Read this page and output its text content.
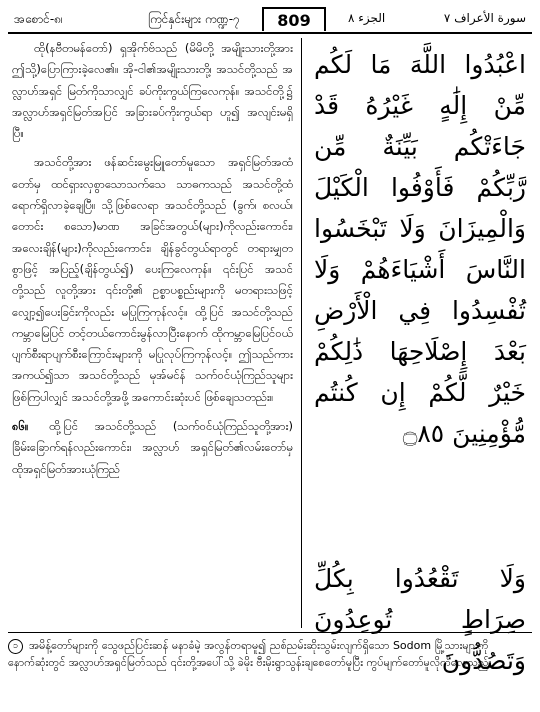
အစောင်-၈၊	ကြင်နှင်းများ ကဏ္ဍ-၇	809	الجزء ٨	سورة الأعراف ٧

ထို(နဗီတမန်တော်) ရှအိုက်ဗ်သည် (မိမိတို့ အမျိုးသားတို့အား ဤသို့)ပြောကြားခဲ့လေ၏။ အို-ငါ၏အမျိုးသားတို့၊ အသင်တို့သည် အလ္လာဟ်အရှင် မြတ်ကိုသာလျှင် ခပ်ကိုးကွယ်ကြလေကုန်။ အသင်တို့၌ အလ္လာဟ်အရှင်မြတ်အပြင် အခြားခပ်ကိုးကွယ်ရာ ဟူ၍ အလျင်းမရှိပြီ။

အသင်တို့အား ဖန်ဆင်းမွေးမြူတော်မူသော အရှင်မြတ်အထံတော်မှ ထင်ရှားလှစွာသောသက်သေ သာဓကသည် အသင်တို့ထံ ရောက်ရှိလာခဲ့ချေပြီ။ သို့ဖြစ်လေရာ အသင်တို့သည် (ခွက်၊ စလယ်၊ တောင်း စသော)မာဏ အခြင်အတွယ်(များ)ကိုလည်းကောင်း၊ အလေးချိန်(များ)ကိုလည်းကောင်း၊ ချိန်ခွင်တွယ်ရာတွင် တရားမျှတစွာဖြင့် အပြည့်(ချိန်တွယ်၍) ပေးကြလေကုန်။ ၎င်းပြင် အသင်တို့သည် လူတို့အား ၎င်းတို့၏ ဥစ္စာပစ္စည်းများကို မတရားသဖြင့် လျှော့၍ပေးခြင်းကိုလည်း မပြုကြကုန်လင့်။ ထို့ပြင် အသင်တို့သည် ကမ္ဘာမြေပြင် တင့်တယ်ကောင်းမွန်လာပြီးနောက် ထိုကမ္ဘာမြေပြင်ဝယ် ပျက်စီးရာပျက်စီးကြောင်းများကို မပြုလုပ်ကြကုန်လင့်။ ဤသည်ကား အကယ်၍သာ အသင်တို့သည် မုအ်မင်န် သက်ဝင်ယုံကြည်သူများ ဖြစ်ကြပါလျှင် အသင်တို့အဖို့ အကောင်းဆုံးပင် ဖြစ်ချေသတည်း။

၈၆။ ထို့ပြင် အသင်တို့သည် (သက်ဝင်ယုံကြည်သူတို့အား) ခြိမ်းခြောက်ရန်လည်းကောင်း၊ အလ္လာဟ် အရှင်မြတ်၏လမ်းတော်မှ ထိုအရှင်မြတ်အားယုံကြည်

اعْبُدُوا اللَّهَ مَا لَكُم مِّنْ إِلَٰهٍ غَيْرُهُ قَدْ جَاءَتْكُم بَيِّنَةٌ مِّن رَّبِّكُمْ فَأَوْفُوا الْكَيْلَ وَالْمِيزَانَ وَلَا تَبْخَسُوا النَّاسَ أَشْيَاءَهُمْ وَلَا تُفْسِدُوا فِي الْأَرْضِ بَعْدَ إِصْلَاحِهَا ذَٰلِكُمْ خَيْرٌ لَّكُمْ إِن كُنتُم مُّؤْمِنِينَ ۝٨٥

وَلَا تَقْعُدُوا بِكُلِّ صِرَاطٍ تُوعِدُونَ وَتَصُدُّونَ

၁ အမိန့်တော်များကို သွေဖည်ပြင်းဆန် မနာခံမဲ့ အလွန်တရာမူ၍ ညစ်ညမ်းဆိုးသွမ်းလျက်ရှိသော Sodom မြို့သားများကို နောက်ဆုံးတွင် အလ္လာဟ်အရှင်မြတ်သည် ၎င်းတို့အပေါ်သို့ ခဲမိုး ဗီးမိုးရွာသွန်းချစေတော်မူပြီး ကွပ်မျက်တော်မူလိုက်လေသည်။
